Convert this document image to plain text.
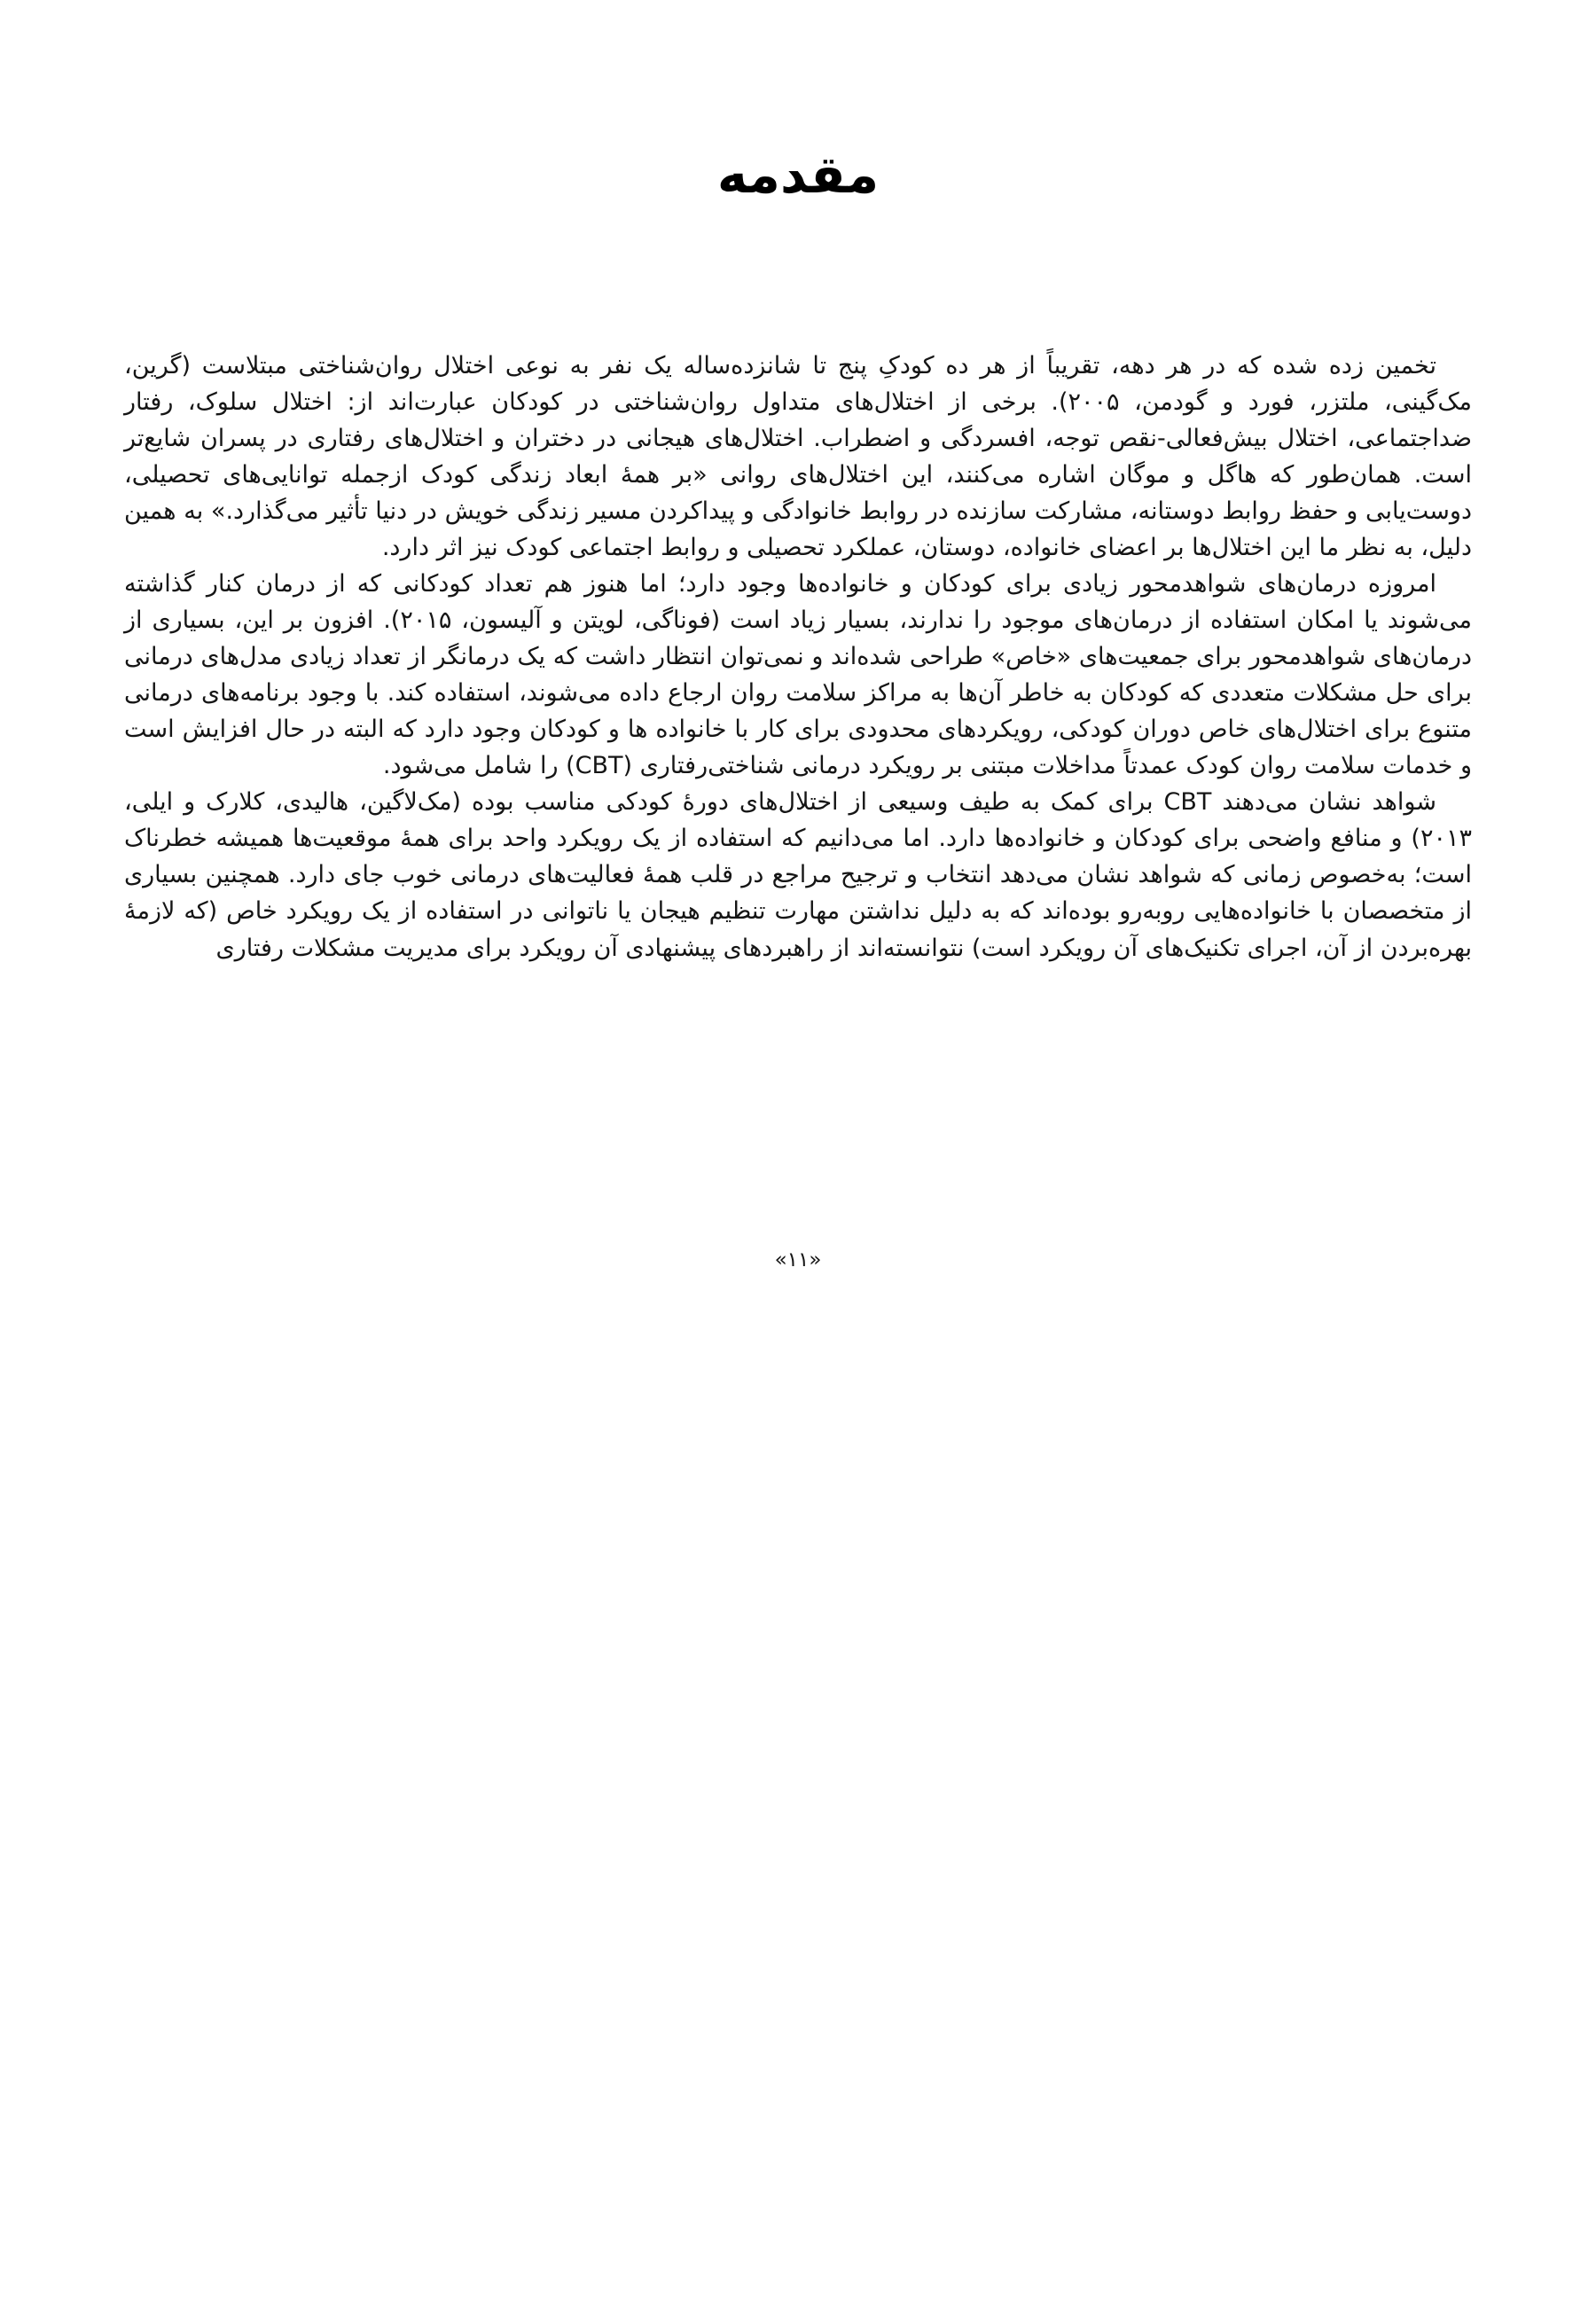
مقدمه

تخمین زده شده که در هر دهه، تقریباً از هر ده کودکِ پنج تا شانزده‌ساله یک نفر به نوعی اختلال روان‌شناختی مبتلاست (گرین، مک‌گینی، ملتزر، فورد و گودمن، ۲۰۰۵). برخی از اختلال‌های متداول روان‌شناختی در کودکان عبارت‌اند از: اختلال سلوک، رفتار ضداجتماعی، اختلال بیش‌فعالی-نقص توجه، افسردگی و اضطراب. اختلال‌های هیجانی در دختران و اختلال‌های رفتاری در پسران شایع‌تر است. همان‌طور که هاگل و موگان اشاره می‌کنند، این اختلال‌های روانی «بر همهٔ ابعاد زندگی کودک ازجمله توانایی‌های تحصیلی، دوست‌یابی و حفظ روابط دوستانه، مشارکت سازنده در روابط خانوادگی و پیداکردن مسیر زندگی خویش در دنیا تأثیر می‌گذارد.» به همین دلیل، به نظر ما این اختلال‌ها بر اعضای خانواده، دوستان، عملکرد تحصیلی و روابط اجتماعی کودک نیز اثر دارد.

امروزه درمان‌های شواهدمحور زیادی برای کودکان و خانواده‌ها وجود دارد؛ اما هنوز هم تعداد کودکانی که از درمان کنار گذاشته می‌شوند یا امکان استفاده از درمان‌های موجود را ندارند، بسیار زیاد است (فوناگی، لویتن و آلیسون، ۲۰۱۵). افزون بر این، بسیاری از درمان‌های شواهدمحور برای جمعیت‌های «خاص» طراحی شده‌اند و نمی‌توان انتظار داشت که یک درمانگر از تعداد زیادی مدل‌های درمانی برای حل مشکلات متعددی که کودکان به خاطر آن‌ها به مراکز سلامت روان ارجاع داده می‌شوند، استفاده کند. با وجود برنامه‌های درمانی متنوع برای اختلال‌های خاص دوران کودکی، رویکردهای محدودی برای کار با خانواده ها و کودکان وجود دارد که البته در حال افزایش است و خدمات سلامت روان کودک عمدتاً مداخلات مبتنی بر رویکرد درمانی شناختی‌رفتاری (CBT) را شامل می‌شود.

شواهد نشان می‌دهند CBT برای کمک به طیف وسیعی از اختلال‌های دورهٔ کودکی مناسب بوده (مک‌لاگین، هالیدی، کلارک و ایلی، ۲۰۱۳) و منافع واضحی برای کودکان و خانواده‌ها دارد. اما می‌دانیم که استفاده از یک رویکرد واحد برای همهٔ موقعیت‌ها همیشه خطرناک است؛ به‌خصوص زمانی که شواهد نشان می‌دهد انتخاب و ترجیح مراجع در قلب همهٔ فعالیت‌های درمانی خوب جای دارد. همچنین بسیاری از متخصصان با خانواده‌هایی روبه‌رو بوده‌اند که به دلیل نداشتن مهارت تنظیم هیجان یا ناتوانی در استفاده از یک رویکرد خاص (که لازمهٔ بهره‌بردن از آن، اجرای تکنیک‌های آن رویکرد است) نتوانسته‌اند از راهبردهای پیشنهادی آن رویکرد برای مدیریت مشکلات رفتاری

«۱۱»
